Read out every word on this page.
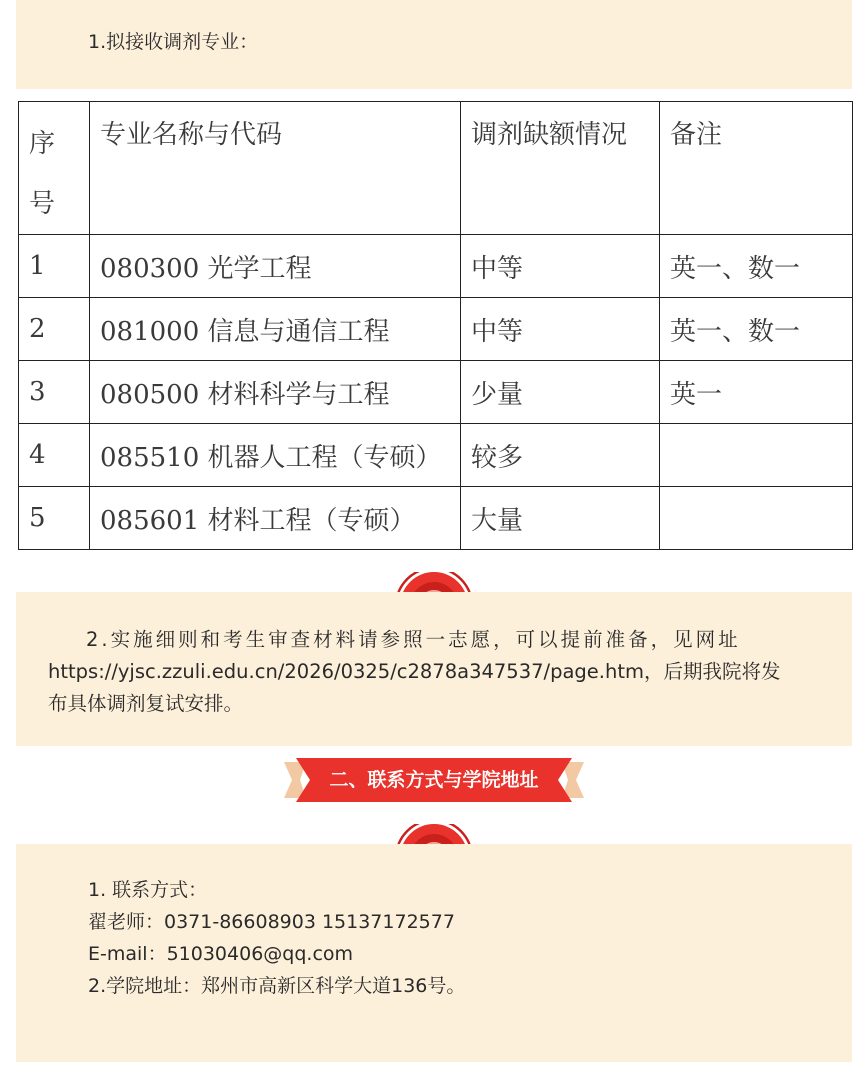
1.拟接收调剂专业：
序
号	专业名称与代码	调剂缺额情况	备注
1	080300 光学工程	中等	英一、数一
2	081000 信息与通信工程	中等	英一、数一
3	080500 材料科学与工程	少量	英一
4	085510 机器人工程（专硕）	较多	
5	085601 材料工程（专硕）	大量	
2.实施细则和考生审查材料请参照一志愿，可以提前准备，见网址
https://yjsc.zzuli.edu.cn/2026/0325/c2878a347537/page.htm，后期我院将发
布具体调剂复试安排。
二、联系方式与学院地址
1. 联系方式：
翟老师：0371-86608903 15137172577
E-mail：51030406@qq.com
2.学院地址：郑州市高新区科学大道136号。
